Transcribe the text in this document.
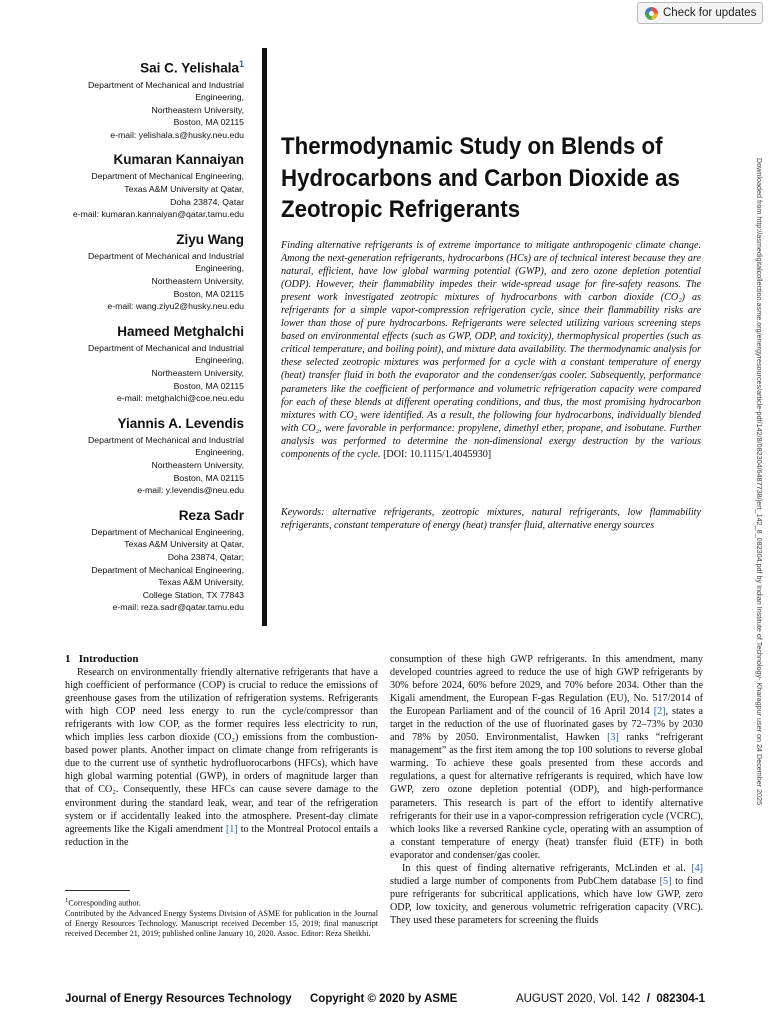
Check for updates
Sai C. Yelishala$^1$
Department of Mechanical and Industrial
Engineering,
Northeastern University,
Boston, MA 02115
e-mail: yelishala.s@husky.neu.edu
Kumaran Kannaiyan
Department of Mechanical Engineering,
Texas A&M University at Qatar,
Doha 23874, Qatar
e-mail: kumaran.kannaiyan@qatar.tamu.edu
Ziyu Wang
Department of Mechanical and Industrial
Engineering,
Northeastern University,
Boston, MA 02115
e-mail: wang.ziyu2@husky.neu.edu
Hameed Metghalchi
Department of Mechanical and Industrial
Engineering,
Northeastern University,
Boston, MA 02115
e-mail: metghalchi@coe.neu.edu
Yiannis A. Levendis
Department of Mechanical and Industrial
Engineering,
Northeastern University,
Boston, MA 02115
e-mail: y.levendis@neu.edu
Reza Sadr
Department of Mechanical Engineering,
Texas A&M University at Qatar,
Doha 23874, Qatar;
Department of Mechanical Engineering,
Texas A&M University,
College Station, TX 77843
e-mail: reza.sadr@qatar.tamu.edu
Thermodynamic Study on Blends of Hydrocarbons and Carbon Dioxide as Zeotropic Refrigerants
Finding alternative refrigerants is of extreme importance to mitigate anthropogenic climate change. Among the next-generation refrigerants, hydrocarbons (HCs) are of technical interest because they are natural, efficient, have low global warming potential (GWP), and zero ozone depletion potential (ODP). However, their flammability impedes their wide-spread usage for fire-safety reasons. The present work investigated zeotropic mixtures of hydrocarbons with carbon dioxide (CO₂) as refrigerants for a simple vapor-compression refrigeration cycle, since their flammability risks are lower than those of pure hydrocarbons. Refrigerants were selected utilizing various screening steps based on environmental effects (such as GWP, ODP, and toxicity), thermophysical properties (such as critical temperature, and boiling point), and mixture data availability. The thermodynamic analysis for these selected zeotropic mixtures was performed for a cycle with a constant temperature of energy (heat) transfer fluid in both the evaporator and the condenser/gas cooler. Subsequently, performance parameters like the coefficient of performance and volumetric refrigeration capacity were compared for each of these blends at different operating conditions, and thus, the most promising hydrocarbon mixtures with CO₂ were identified. As a result, the following four hydrocarbons, individually blended with CO₂, were favorable in performance: propylene, dimethyl ether, propane, and isobutane. Further analysis was performed to determine the non-dimensional exergy destruction by the various components of the cycle. [DOI: 10.1115/1.4045930]
Keywords: alternative refrigerants, zeotropic mixtures, natural refrigerants, low flammability refrigerants, constant temperature of energy (heat) transfer fluid, alternative energy sources	Downloaded from http://asmedigitalcollection.asme.org/energyresources/article-pdf/142/8/082304/6487738/jert_142_8_082304.pdf by Indian Institute of Technology- Kharagpur user on 24 December 2025

1 Introduction

Research on environmentally friendly alternative refrigerants that have a high coefficient of performance (COP) is crucial to reduce the emissions of greenhouse gases from the utilization of refrigeration systems. Refrigerants with high COP need less energy to run the cycle/compressor than refrigerants with low COP, as the former requires less electricity to run, which implies less carbon dioxide (CO₂) emissions from the combustion-based power plants. Another impact on climate change from refrigerants is due to the current use of synthetic hydrofluorocarbons (HFCs), which have high global warming potential (GWP), in orders of magnitude larger than that of CO₂. Consequently, these HFCs can cause severe damage to the environment during the standard leak, wear, and tear of the refrigeration system or if accidentally leaked into the atmosphere. Present-day climate agreements like the Kigali amendment [1] to the Montreal Protocol entails a reduction in the

consumption of these high GWP refrigerants. In this amendment, many developed countries agreed to reduce the use of high GWP refrigerants by 30% before 2024, 60% before 2029, and 70% before 2034. Other than the Kigali amendment, the European F-gas Regulation (EU), No. 517/2014 of the European Parliament and of the council of 16 April 2014 [2], states a target in the reduction of the use of fluorinated gases by 72–73% by 2030 and 78% by 2050. Environmentalist, Hawken [3] ranks “refrigerant management” as the first item among the top 100 solutions to reverse global warming. To achieve these goals presented from these accords and regulations, a quest for alternative refrigerants is required, which have low GWP, zero ozone depletion potential (ODP), and high-performance parameters. This research is part of the effort to identify alternative refrigerants for their use in a vapor-compression refrigeration cycle (VCRC), which looks like a reversed Rankine cycle, operating with an assumption of a constant temperature of energy (heat) transfer fluid (ETF) in both evaporator and condenser/gas cooler.

In this quest of finding alternative refrigerants, McLinden et al. [4] studied a large number of components from PubChem database [5] to find pure refrigerants for subcritical applications, which have low GWP, zero ODP, low toxicity, and generous volumetric refrigeration capacity (VRC). They used these parameters for screening the fluids

$^1$Corresponding author.

Contributed by the Advanced Energy Systems Division of ASME for publication in the Journal of Energy Resources Technology. Manuscript received December 15, 2019; final manuscript received December 21, 2019; published online January 10, 2020. Assoc. Editor: Reza Sheikhi.

Journal of Energy Resources Technology Copyright © 2020 by ASME	AUGUST 2020, Vol. 142 / 082304-1
